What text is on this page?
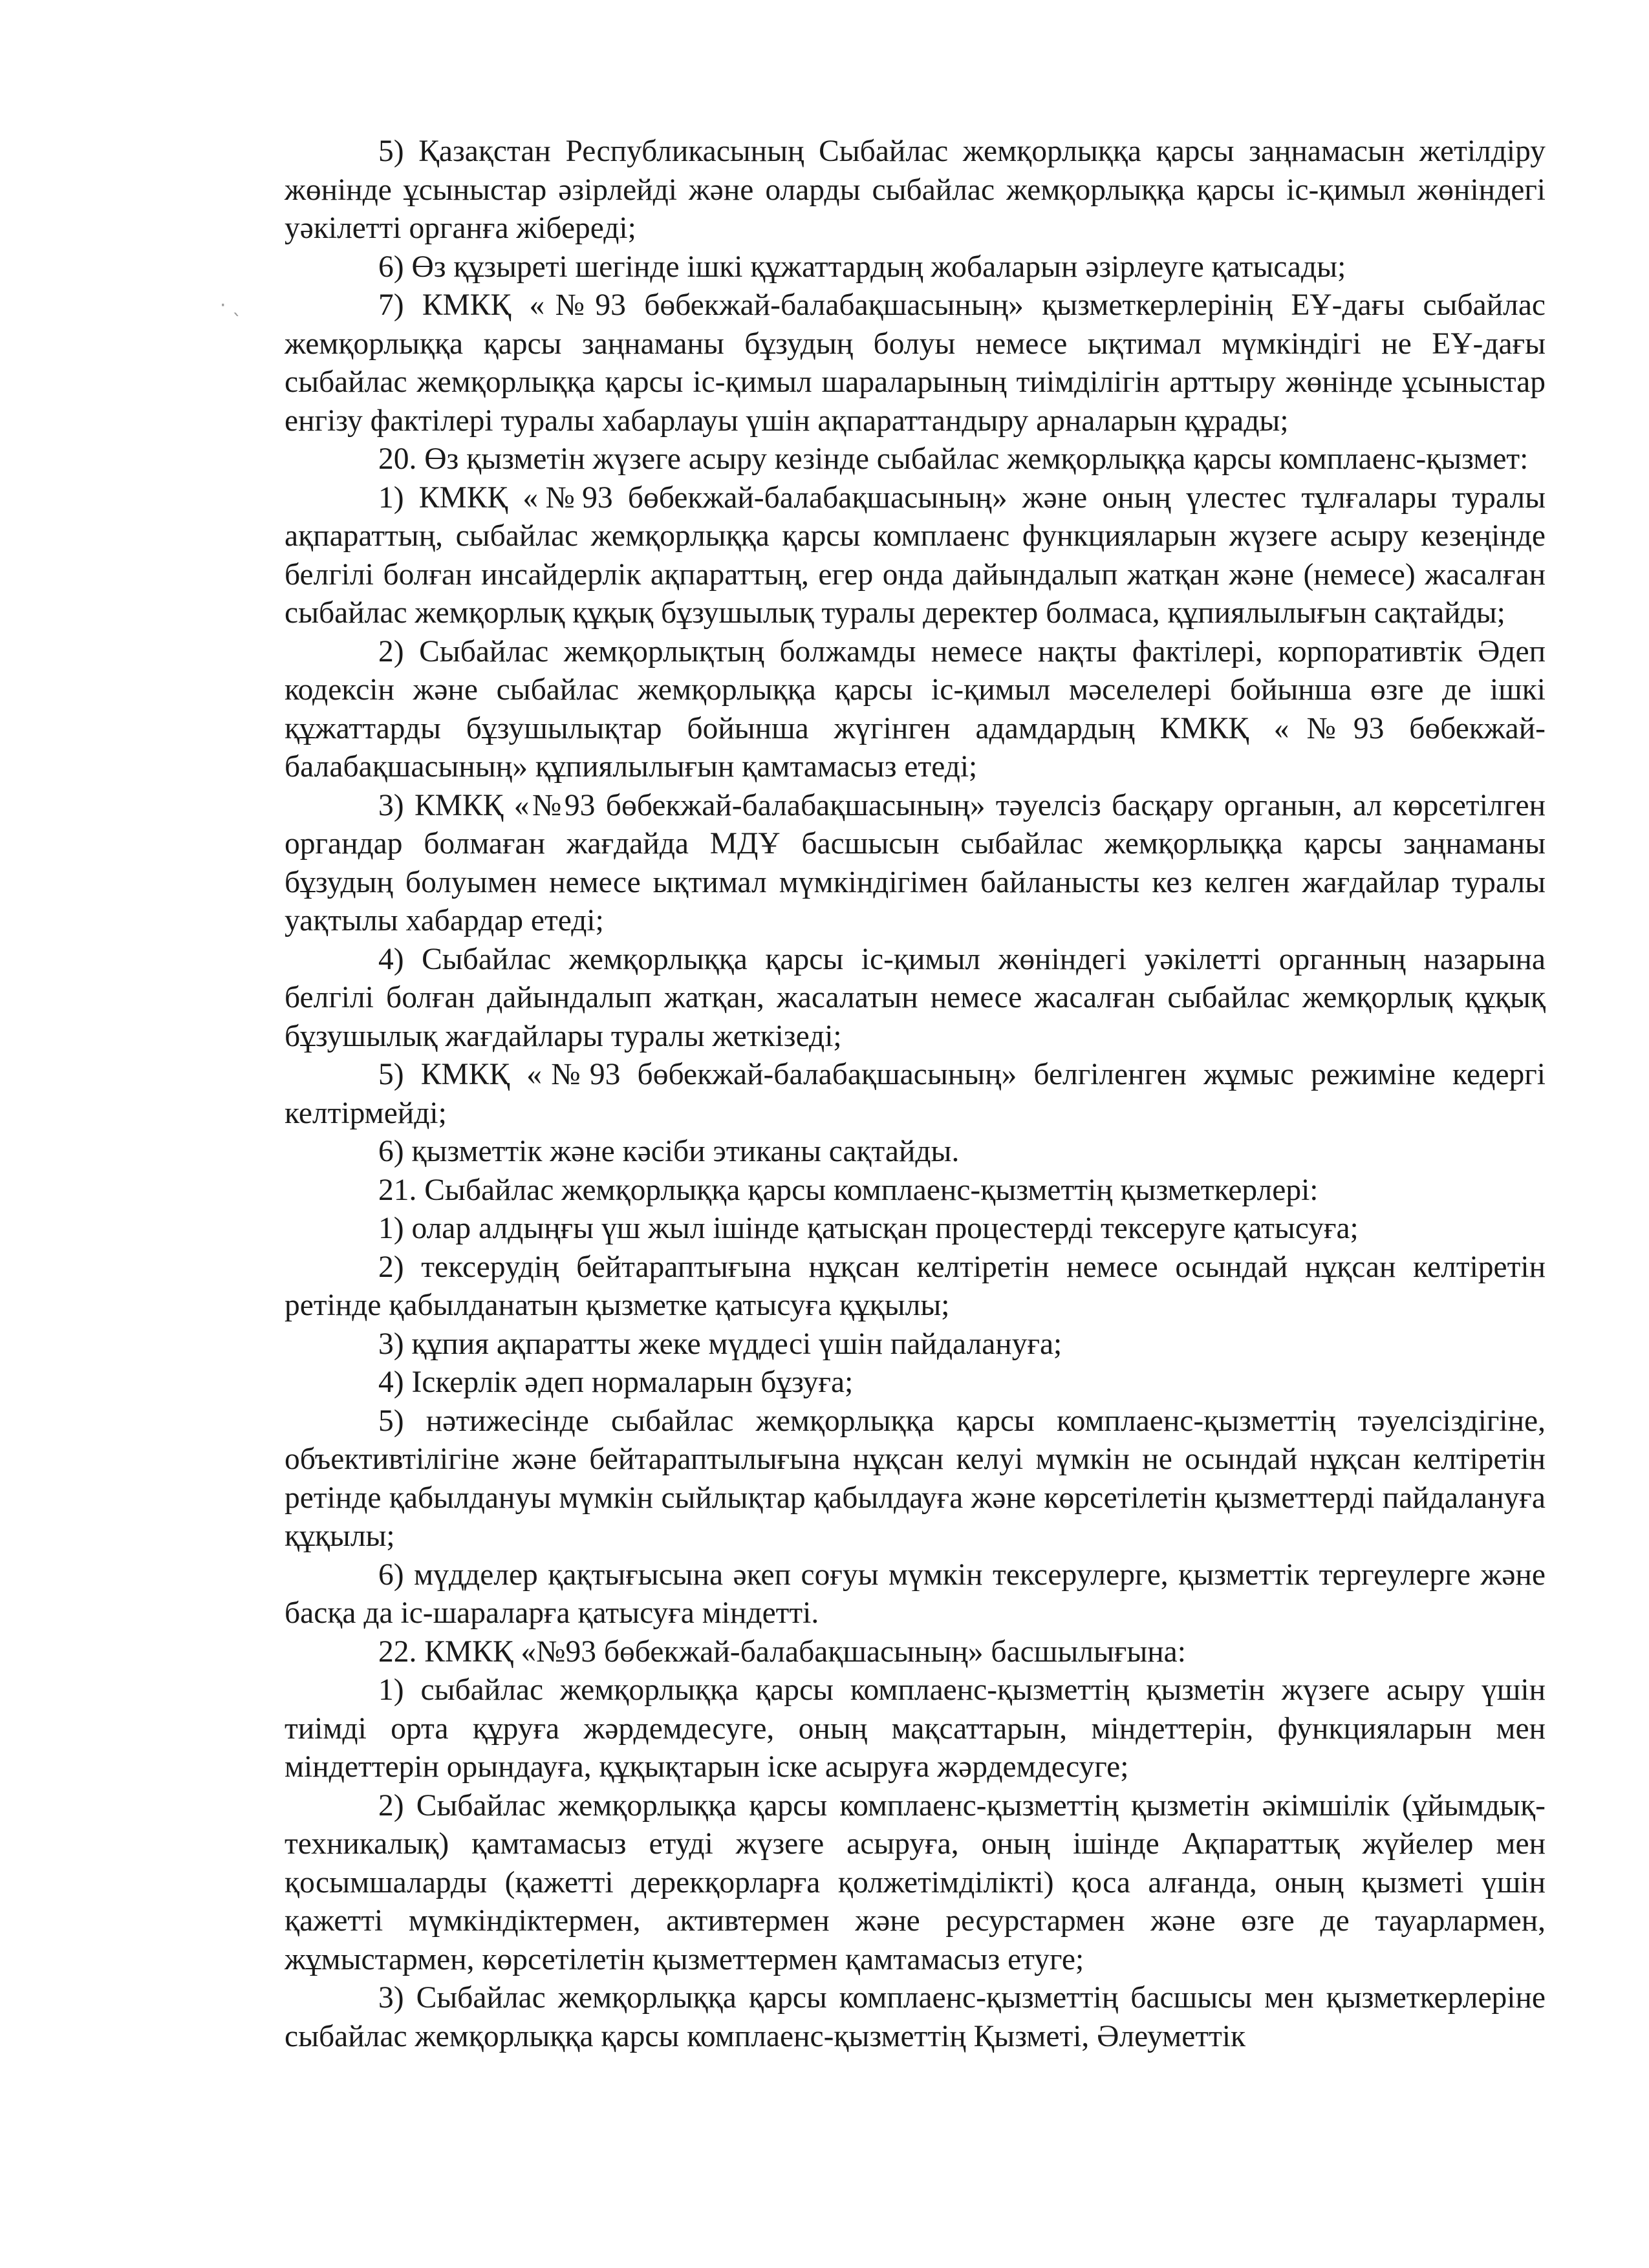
· ˎ

5) Қазақстан Республикасының Сыбайлас жемқорлыққа қарсы заңнамасын жетілдіру жөнінде ұсыныстар әзірлейді және оларды сыбайлас жемқорлыққа қарсы іс-қимыл жөніндегі уәкілетті органға жібереді;

6) Өз құзыреті шегінде ішкі құжаттардың жобаларын әзірлеуге қатысады;

7) КМКҚ «№93 бөбекжай-балабақшасының» қызметкерлерінің ЕҰ-дағы сыбайлас жемқорлыққа қарсы заңнаманы бұзудың болуы немесе ықтимал мүмкіндігі не ЕҰ-дағы сыбайлас жемқорлыққа қарсы іс-қимыл шараларының тиімділігін арттыру жөнінде ұсыныстар енгізу фактілері туралы хабарлауы үшін ақпараттандыру арналарын құрады;

20. Өз қызметін жүзеге асыру кезінде сыбайлас жемқорлыққа қарсы комплаенс-қызмет:

1) КМКҚ «№93 бөбекжай-балабақшасының» және оның үлестес тұлғалары туралы ақпараттың, сыбайлас жемқорлыққа қарсы комплаенс функцияларын жүзеге асыру кезеңінде белгілі болған инсайдерлік ақпараттың, егер онда дайындалып жатқан және (немесе) жасалған сыбайлас жемқорлық құқық бұзушылық туралы деректер болмаса, құпиялылығын сақтайды;

2) Сыбайлас жемқорлықтың болжамды немесе нақты фактілері, корпоративтік Әдеп кодексін және сыбайлас жемқорлыққа қарсы іс-қимыл мәселелері бойынша өзге де ішкі құжаттарды бұзушылықтар бойынша жүгінген адамдардың КМКҚ «№93 бөбекжай-балабақшасының» құпиялылығын қамтамасыз етеді;

3) КМКҚ «№93 бөбекжай-балабақшасының» тәуелсіз басқару органын, ал көрсетілген органдар болмаған жағдайда МДҰ басшысын сыбайлас жемқорлыққа қарсы заңнаманы бұзудың болуымен немесе ықтимал мүмкіндігімен байланысты кез келген жағдайлар туралы уақтылы хабардар етеді;

4) Сыбайлас жемқорлыққа қарсы іс-қимыл жөніндегі уәкілетті органның назарына белгілі болған дайындалып жатқан, жасалатын немесе жасалған сыбайлас жемқорлық құқық бұзушылық жағдайлары туралы жеткізеді;

5) КМКҚ «№93 бөбекжай-балабақшасының» белгіленген жұмыс режиміне кедергі келтірмейді;

6) қызметтік және кәсіби этиканы сақтайды.

21. Сыбайлас жемқорлыққа қарсы комплаенс-қызметтің қызметкерлері:

1) олар алдыңғы үш жыл ішінде қатысқан процестерді тексеруге қатысуға;

2) тексерудің бейтараптығына нұқсан келтіретін немесе осындай нұқсан келтіретін ретінде қабылданатын қызметке қатысуға құқылы;

3) құпия ақпаратты жеке мүддесі үшін пайдалануға;

4) Іскерлік әдеп нормаларын бұзуға;

5) нәтижесінде сыбайлас жемқорлыққа қарсы комплаенс-қызметтің тәуелсіздігіне, объективтілігіне және бейтараптылығына нұқсан келуі мүмкін не осындай нұқсан келтіретін ретінде қабылдануы мүмкін сыйлықтар қабылдауға және көрсетілетін қызметтерді пайдалануға құқылы;

6) мүдделер қақтығысына әкеп соғуы мүмкін тексерулерге, қызметтік тергеулерге және басқа да іс-шараларға қатысуға міндетті.

22. КМКҚ «№93 бөбекжай-балабақшасының» басшылығына:

1) сыбайлас жемқорлыққа қарсы комплаенс-қызметтің қызметін жүзеге асыру үшін тиімді орта құруға жәрдемдесуге, оның мақсаттарын, міндеттерін, функцияларын мен міндеттерін орындауға, құқықтарын іске асыруға жәрдемдесуге;

2) Сыбайлас жемқорлыққа қарсы комплаенс-қызметтің қызметін әкімшілік (ұйымдық-техникалық) қамтамасыз етуді жүзеге асыруға, оның ішінде Ақпараттық жүйелер мен қосымшаларды (қажетті дерекқорларға қолжетімділікті) қоса алғанда, оның қызметі үшін қажетті мүмкіндіктермен, активтермен және ресурстармен және өзге де тауарлармен, жұмыстармен, көрсетілетін қызметтермен қамтамасыз етуге;

3) Сыбайлас жемқорлыққа қарсы комплаенс-қызметтің басшысы мен қызметкерлеріне сыбайлас жемқорлыққа қарсы комплаенс-қызметтің Қызметі, Әлеуметтік
